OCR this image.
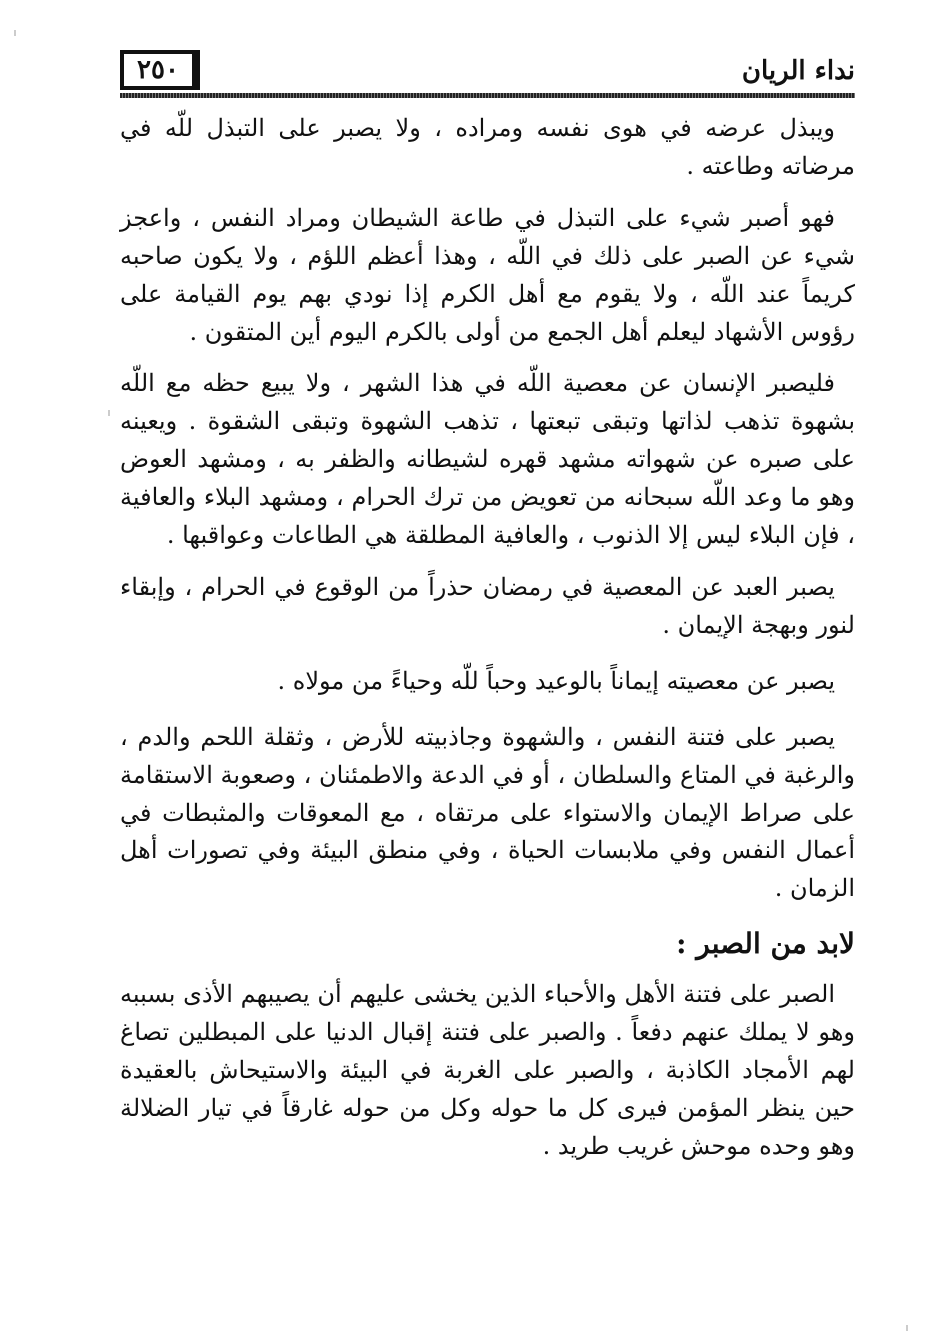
٢٥٠	نداء الريان

ويبذل عرضه في هوى نفسه ومراده ، ولا يصبر على التبذل للّه في مرضاته وطاعته .

فهو أصبر شيء على التبذل في طاعة الشيطان ومراد النفس ، واعجز شيء عن الصبر على ذلك في اللّه ، وهذا أعظم اللؤم ، ولا يكون صاحبه كريماً عند اللّه ، ولا يقوم مع أهل الكرم إذا نودي بهم يوم القيامة على رؤوس الأشهاد ليعلم أهل الجمع من أولى بالكرم اليوم أين المتقون .

فليصبر الإنسان عن معصية اللّه في هذا الشهر ، ولا يبيع حظه مع اللّه بشهوة تذهب لذاتها وتبقى تبعتها ، تذهب الشهوة وتبقى الشقوة . ويعينه على صبره عن شهواته مشهد قهره لشيطانه والظفر به ، ومشهد العوض وهو ما وعد اللّه سبحانه من تعويض من ترك الحرام ، ومشهد البلاء والعافية ، فإن البلاء ليس إلا الذنوب ، والعافية المطلقة هي الطاعات وعواقبها .

يصبر العبد عن المعصية في رمضان حذراً من الوقوع في الحرام ، وإبقاء لنور وبهجة الإيمان .

يصبر عن معصيته إيماناً بالوعيد وحباً للّه وحياءً من مولاه .

يصبر على فتنة النفس ، والشهوة وجاذبيته للأرض ، وثقلة اللحم والدم ، والرغبة في المتاع والسلطان ، أو في الدعة والاطمئنان ، وصعوبة الاستقامة على صراط الإيمان والاستواء على مرتقاه ، مع المعوقات والمثبطات في أعمال النفس وفي ملابسات الحياة ، وفي منطق البيئة وفي تصورات أهل الزمان .

لابد من الصبر :

الصبر على فتنة الأهل والأحباء الذين يخشى عليهم أن يصيبهم الأذى بسببه وهو لا يملك عنهم دفعاً . والصبر على فتنة إقبال الدنيا على المبطلين تصاغ لهم الأمجاد الكاذبة ، والصبر على الغربة في البيئة والاستيحاش بالعقيدة حين ينظر المؤمن فيرى كل ما حوله وكل من حوله غارقاً في تيار الضلالة وهو وحده موحش غريب طريد .
